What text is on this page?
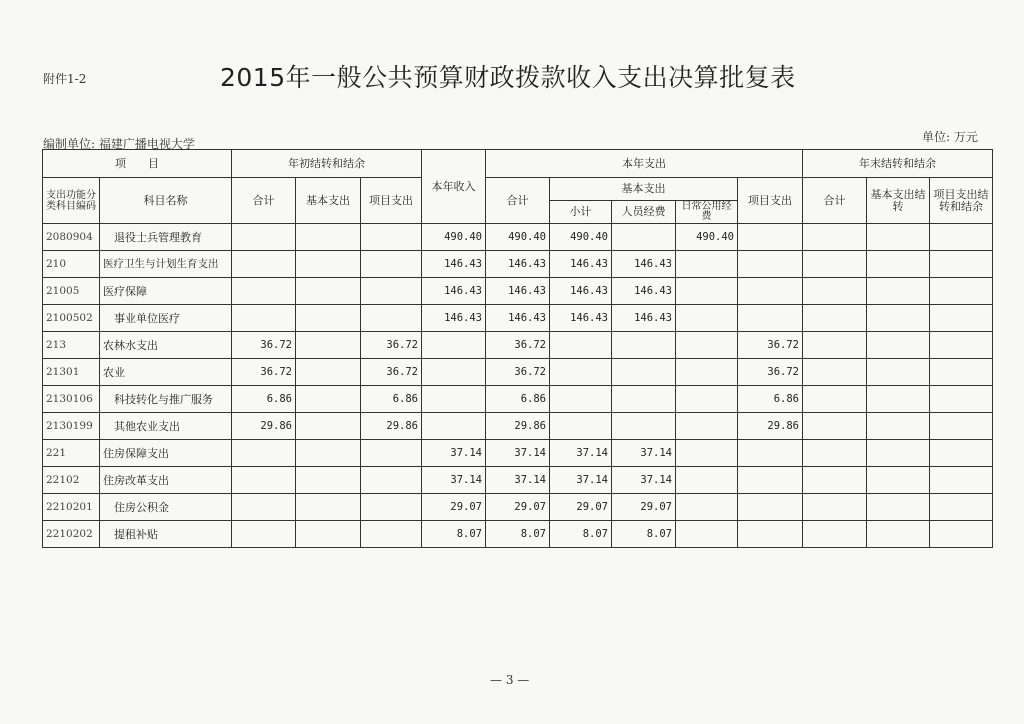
附件1-2	2015年一般公共预算财政拨款收入支出决算批复表
编制单位: 福建广播电视大学	单位: 万元
项　　目		年初结转和结余			本年收入	本年支出					年末结转和结余		
支出功能分类科目编码	科目名称	合计	基本支出	项目支出		合计	基本支出			项目支出	合计	基本支出结转	项目支出结转和结余
							小计	人员经费	日常公用经费				
2080904	退役士兵管理教育				490.40	490.40	490.40		490.40				
210	医疗卫生与计划生育支出				146.43	146.43	146.43	146.43					
21005	医疗保障				146.43	146.43	146.43	146.43					
2100502	事业单位医疗				146.43	146.43	146.43	146.43					
213	农林水支出	36.72		36.72		36.72				36.72			
21301	农业	36.72		36.72		36.72				36.72			
2130106	科技转化与推广服务	6.86		6.86		6.86				6.86			
2130199	其他农业支出	29.86		29.86		29.86				29.86			
221	住房保障支出				37.14	37.14	37.14	37.14					
22102	住房改革支出				37.14	37.14	37.14	37.14					
2210201	住房公积金				29.07	29.07	29.07	29.07					
2210202	提租补贴				8.07	8.07	8.07	8.07					
— 3 —
